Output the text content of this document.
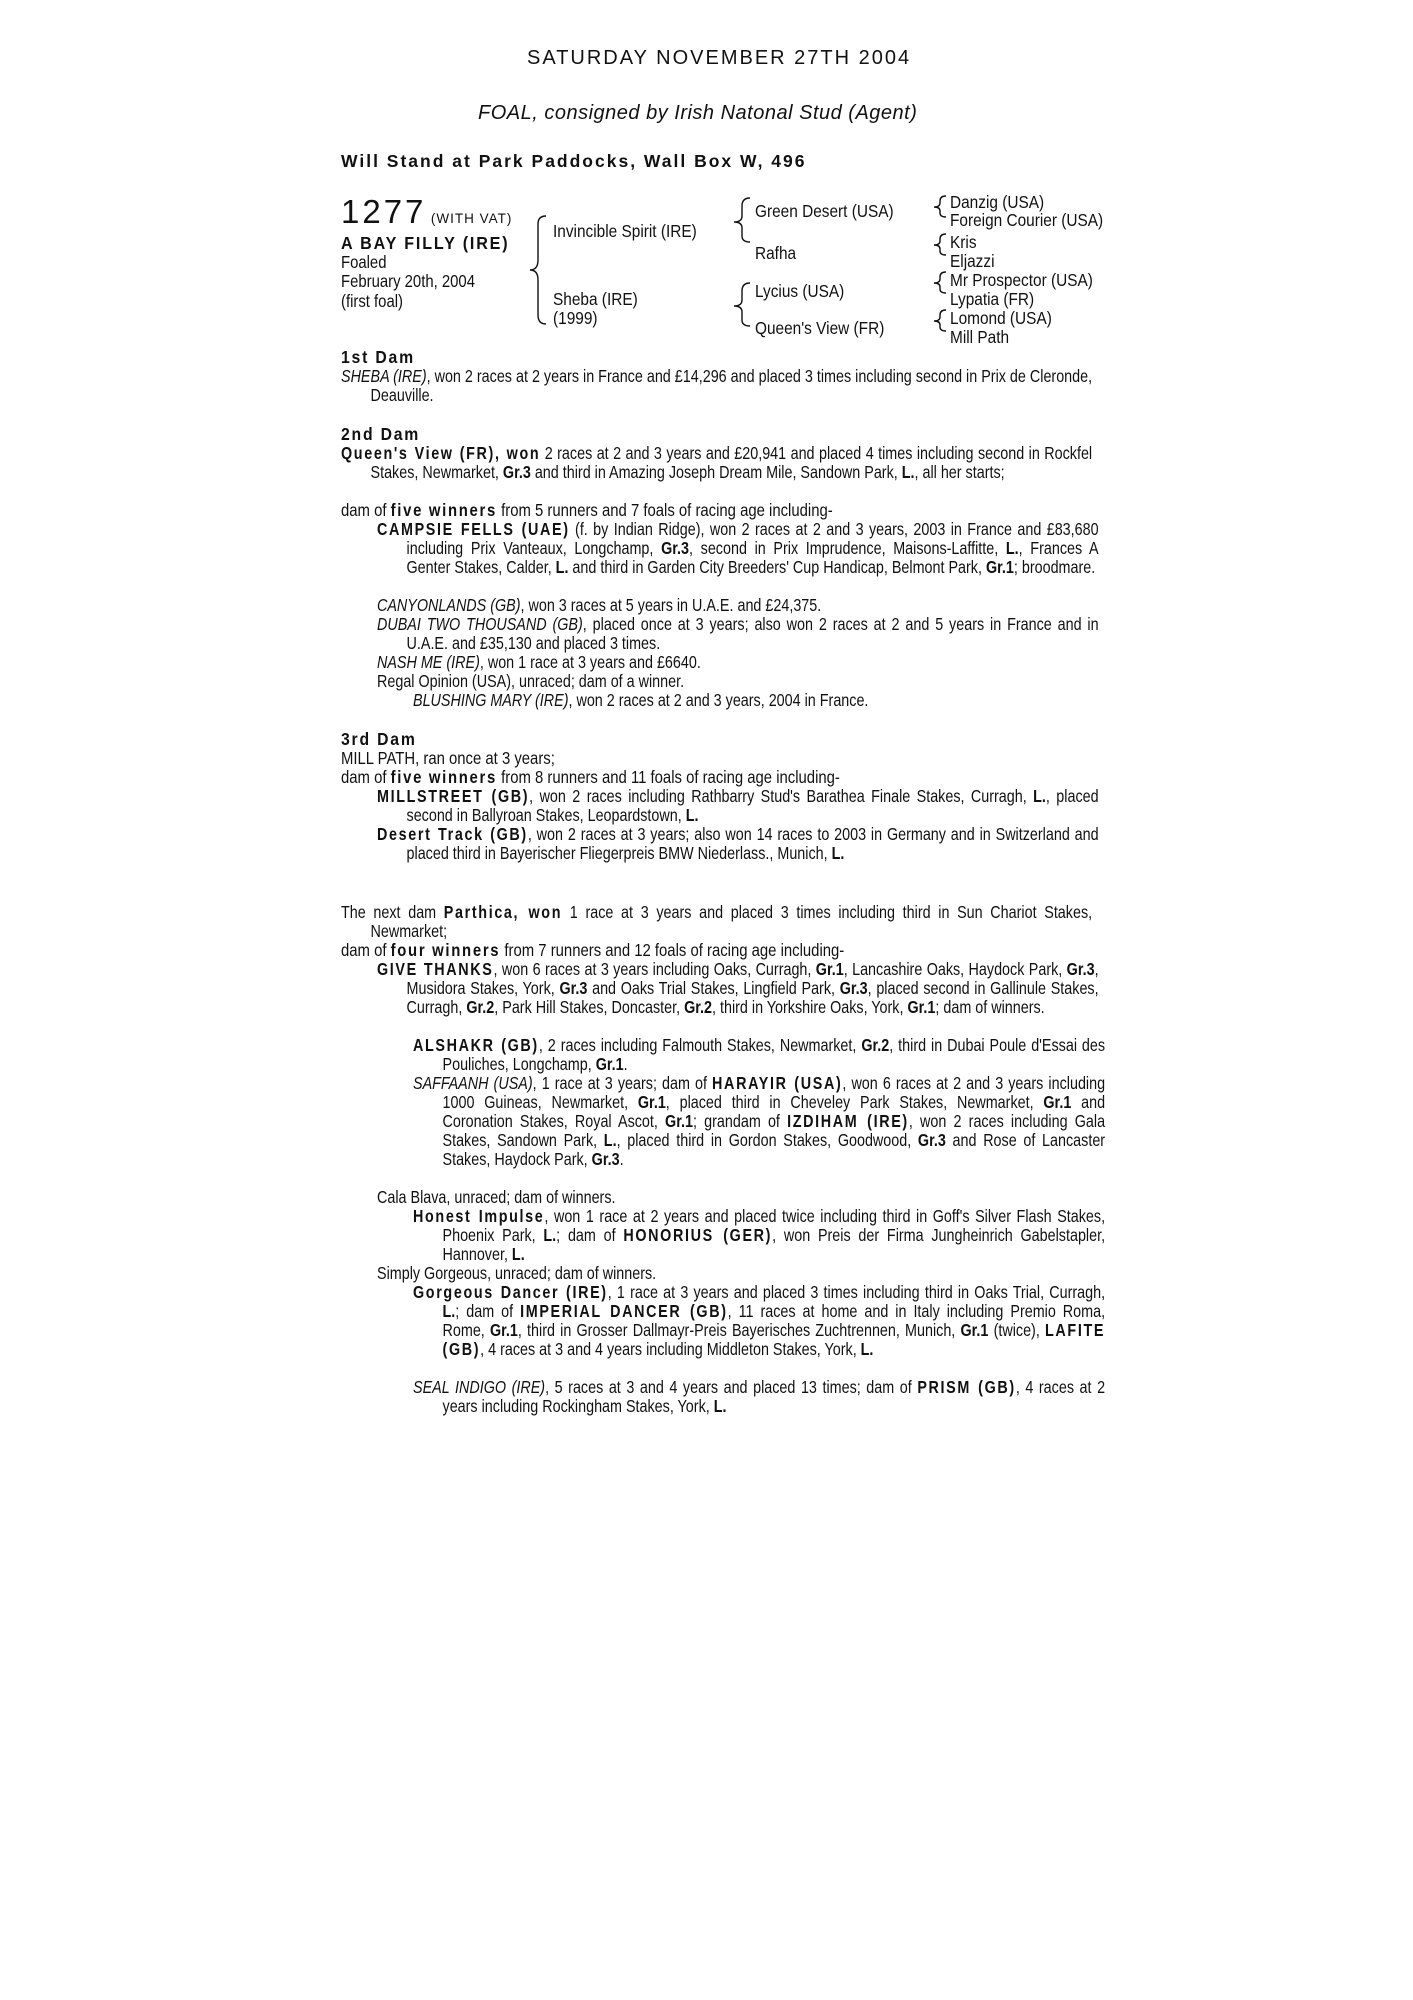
SATURDAY NOVEMBER 27TH 2004
FOAL, consigned by Irish Natonal Stud (Agent)
Will Stand at Park Paddocks, Wall Box W, 496
1277 (WITH VAT)
A BAY FILLY (IRE)
Foaled
February 20th, 2004
(first foal)
Invincible Spirit (IRE)
Sheba (IRE)
(1999)
Green Desert (USA)
Rafha
Lycius (USA)
Queen's View (FR)
Danzig (USA)
Foreign Courier (USA)
Kris
Eljazzi
Mr Prospector (USA)
Lypatia (FR)
Lomond (USA)
Mill Path
1st Dam
SHEBA (IRE), won 2 races at 2 years in France and £14,296 and placed 3 times including second in Prix de Cleronde, Deauville.
2nd Dam
Queen's View (FR), won 2 races at 2 and 3 years and £20,941 and placed 4 times including second in Rockfel Stakes, Newmarket, Gr.3 and third in Amazing Joseph Dream Mile, Sandown Park, L., all her starts;
dam of five winners from 5 runners and 7 foals of racing age including-
CAMPSIE FELLS (UAE) (f. by Indian Ridge), won 2 races at 2 and 3 years, 2003 in France and £83,680 including Prix Vanteaux, Longchamp, Gr.3, second in Prix Imprudence, Maisons-Laffitte, L., Frances A Genter Stakes, Calder, L. and third in Garden City Breeders' Cup Handicap, Belmont Park, Gr.1; broodmare.
CANYONLANDS (GB), won 3 races at 5 years in U.A.E. and £24,375.
DUBAI TWO THOUSAND (GB), placed once at 3 years; also won 2 races at 2 and 5 years in France and in U.A.E. and £35,130 and placed 3 times.
NASH ME (IRE), won 1 race at 3 years and £6640.
Regal Opinion (USA), unraced; dam of a winner.
BLUSHING MARY (IRE), won 2 races at 2 and 3 years, 2004 in France.
3rd Dam
MILL PATH, ran once at 3 years;
dam of five winners from 8 runners and 11 foals of racing age including-
MILLSTREET (GB), won 2 races including Rathbarry Stud's Barathea Finale Stakes, Curragh, L., placed second in Ballyroan Stakes, Leopardstown, L.
Desert Track (GB), won 2 races at 3 years; also won 14 races to 2003 in Germany and in Switzerland and placed third in Bayerischer Fliegerpreis BMW Niederlass., Munich, L.
The next dam Parthica, won 1 race at 3 years and placed 3 times including third in Sun Chariot Stakes, Newmarket;
dam of four winners from 7 runners and 12 foals of racing age including-
GIVE THANKS, won 6 races at 3 years including Oaks, Curragh, Gr.1, Lancashire Oaks, Haydock Park, Gr.3, Musidora Stakes, York, Gr.3 and Oaks Trial Stakes, Lingfield Park, Gr.3, placed second in Gallinule Stakes, Curragh, Gr.2, Park Hill Stakes, Doncaster, Gr.2, third in Yorkshire Oaks, York, Gr.1; dam of winners.
ALSHAKR (GB), 2 races including Falmouth Stakes, Newmarket, Gr.2, third in Dubai Poule d'Essai des Pouliches, Longchamp, Gr.1.
SAFFAANH (USA), 1 race at 3 years; dam of HARAYIR (USA), won 6 races at 2 and 3 years including 1000 Guineas, Newmarket, Gr.1, placed third in Cheveley Park Stakes, Newmarket, Gr.1 and Coronation Stakes, Royal Ascot, Gr.1; grandam of IZDIHAM (IRE), won 2 races including Gala Stakes, Sandown Park, L., placed third in Gordon Stakes, Goodwood, Gr.3 and Rose of Lancaster Stakes, Haydock Park, Gr.3.
Cala Blava, unraced; dam of winners.
Honest Impulse, won 1 race at 2 years and placed twice including third in Goff's Silver Flash Stakes, Phoenix Park, L.; dam of HONORIUS (GER), won Preis der Firma Jungheinrich Gabelstapler, Hannover, L.
Simply Gorgeous, unraced; dam of winners.
Gorgeous Dancer (IRE), 1 race at 3 years and placed 3 times including third in Oaks Trial, Curragh, L.; dam of IMPERIAL DANCER (GB), 11 races at home and in Italy including Premio Roma, Rome, Gr.1, third in Grosser Dallmayr-Preis Bayerisches Zuchtrennen, Munich, Gr.1 (twice), LAFITE (GB), 4 races at 3 and 4 years including Middleton Stakes, York, L.
SEAL INDIGO (IRE), 5 races at 3 and 4 years and placed 13 times; dam of PRISM (GB), 4 races at 2 years including Rockingham Stakes, York, L.
